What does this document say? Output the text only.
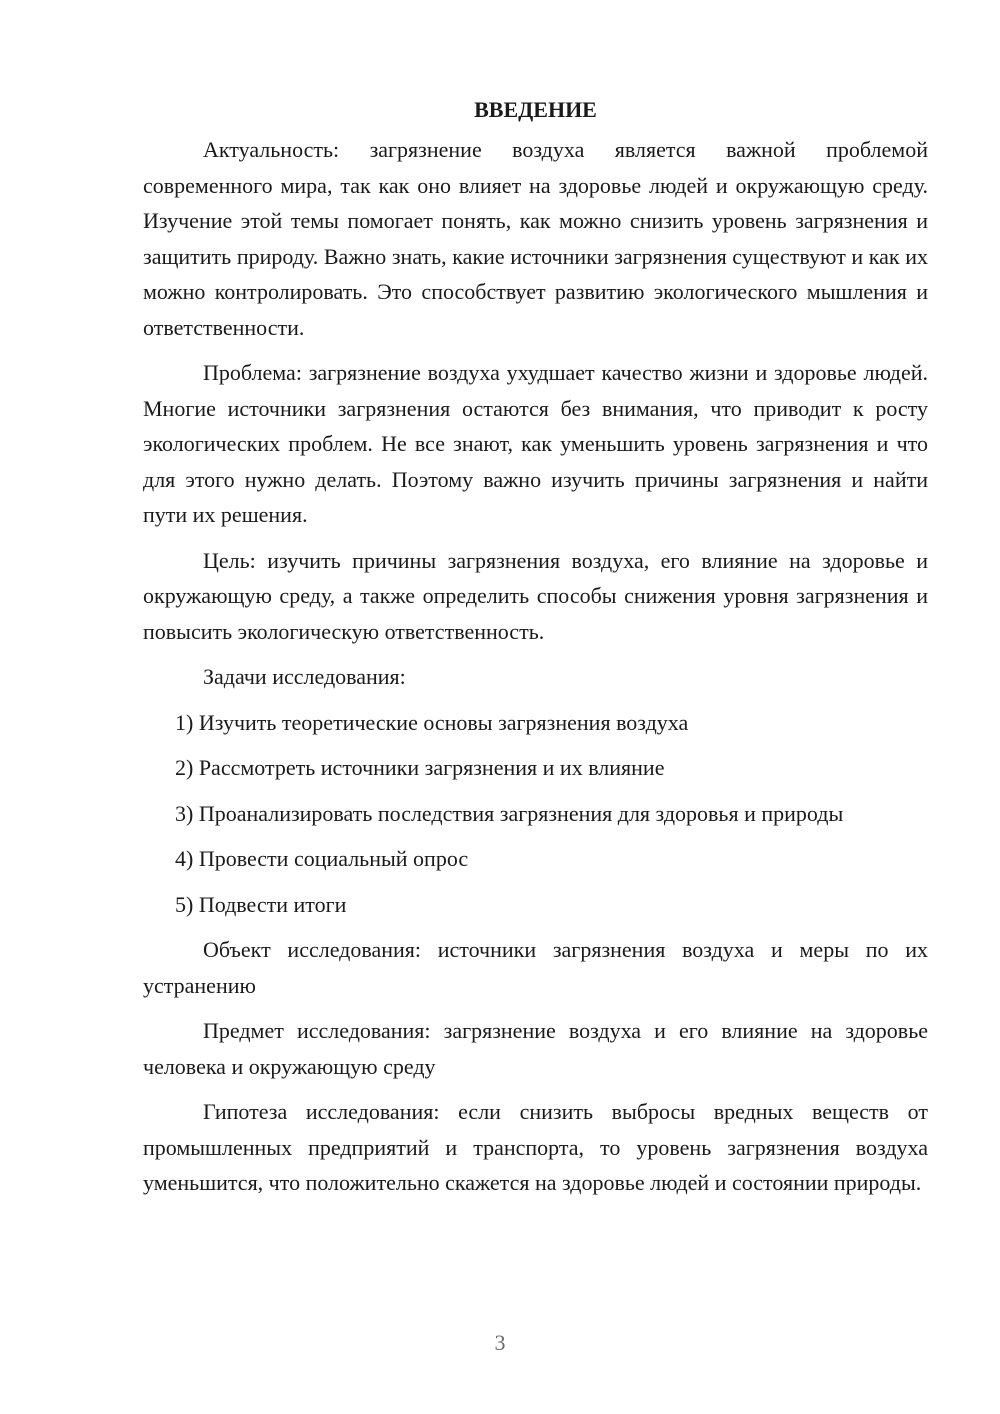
ВВЕДЕНИЕ

Актуальность: загрязнение воздуха является важной проблемой современного мира, так как оно влияет на здоровье людей и окружающую среду. Изучение этой темы помогает понять, как можно снизить уровень загрязнения и защитить природу. Важно знать, какие источники загрязнения существуют и как их можно контролировать. Это способствует развитию экологического мышления и ответственности.

Проблема: загрязнение воздуха ухудшает качество жизни и здоровье людей. Многие источники загрязнения остаются без внимания, что приводит к росту экологических проблем. Не все знают, как уменьшить уровень загрязнения и что для этого нужно делать. Поэтому важно изучить причины загрязнения и найти пути их решения.

Цель: изучить причины загрязнения воздуха, его влияние на здоровье и окружающую среду, а также определить способы снижения уровня загрязнения и повысить экологическую ответственность.

Задачи исследования:

1) Изучить теоретические основы загрязнения воздуха

2) Рассмотреть источники загрязнения и их влияние

3) Проанализировать последствия загрязнения для здоровья и природы

4) Провести социальный опрос

5) Подвести итоги

Объект исследования: источники загрязнения воздуха и меры по их устранению

Предмет исследования: загрязнение воздуха и его влияние на здоровье человека и окружающую среду

Гипотеза исследования: если снизить выбросы вредных веществ от промышленных предприятий и транспорта, то уровень загрязнения воздуха уменьшится, что положительно скажется на здоровье людей и состоянии природы.

3
